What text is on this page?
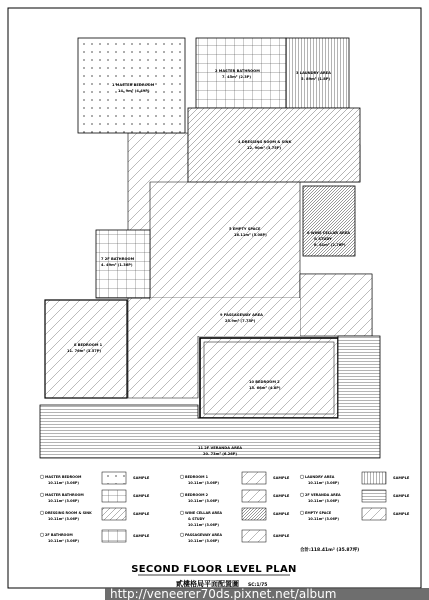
1 MASTER BEDROOM
14. 9m² (4.49P)
2 MASTER BATHROOM
7. 45m² (2.3P)
3 LAUNDRY AREA
5. 89m² (1.8P)
4 DRESSING ROOM & SINK
12. 90m² (3.75P)
5 EMPTY SPACE
16.11m² (5.08P)	6 WINE CELLAR AREA
& STUDY
8. 61m² (2.76P)
7 2F BATHROOM
4. 49m² (1.36P)
9 PASSAGEWAY AREA
25.9m² (7.73P)
8 BEDROOM 1
11. 76m² (3.57P)
10 BEDROOM 2
15. 66m² (4.8P)
11 2F VERANDA AREA
20. 73m² (6.26P)
MASTER BEDROOM
10.11m² (3.06P)
SAMPLE
MASTER BATHROOM
10.11m² (3.06P)
SAMPLE
DRESSING ROOM & SINK
10.11m² (3.06P)
SAMPLE
2F BATHROOM
10.11m² (3.06P)
SAMPLE
BEDROOM 1
10.11m² (3.06P)
SAMPLE
BEDROOM 2
10.11m² (3.06P)
SAMPLE
WINE CELLAR AREA
& STUDY
10.11m² (3.06P)
SAMPLE
PASSAGEWAY AREA
10.11m² (3.06P)
SAMPLE
LAUNDRY AREA
10.11m² (3.06P)
SAMPLE
2F VERANDA AREA
10.11m² (3.06P)
SAMPLE
EMPTY SPACE
10.11m² (3.06P)
SAMPLE
SECOND FLOOR LEVEL PLAN
貳樓格局平面配置圖 SC:1/75
合計:118.41m² (35.87坪)
http://veneerer70ds.pixnet.net/album
